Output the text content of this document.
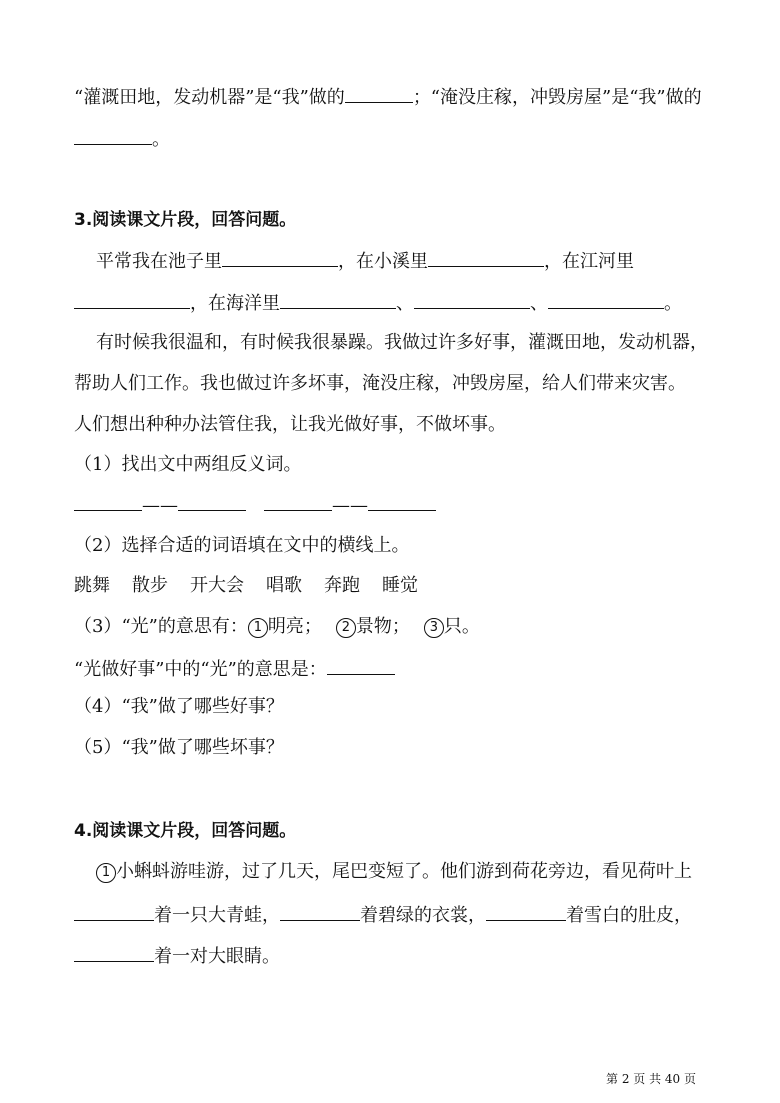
“灌溉田地，发动机器”是“我”做的	；“淹没庄稼，冲毁房屋”是“我”做的
。
3.阅读课文片段，回答问题。
平常我在池子里	，在小溪里	，在江河里
，在海洋里	、	、	。
有时候我很温和，有时候我很暴躁。我做过许多好事，灌溉田地，发动机器，
帮助人们工作。我也做过许多坏事，淹没庄稼，冲毁房屋，给人们带来灾害。
人们想出种种办法管住我，让我光做好事，不做坏事。
（1）找出文中两组反义词。
——	——
（2）选择合适的词语填在文中的横线上。
跳舞 散步 开大会 唱歌 奔跑 睡觉
（3）“光”的意思有： 1 明亮； 2 景物； 3 只。
“光做好事”中的“光”的意思是：
（4）“我”做了哪些好事？
（5）“我”做了哪些坏事？
4.阅读课文片段，回答问题。
1 小蝌蚪游哇游，过了几天，尾巴变短了。他们游到荷花旁边，看见荷叶上
着一只大青蛙，	着碧绿的衣裳，	着雪白的肚皮，
着一对大眼睛。
第 2 页 共 40 页
